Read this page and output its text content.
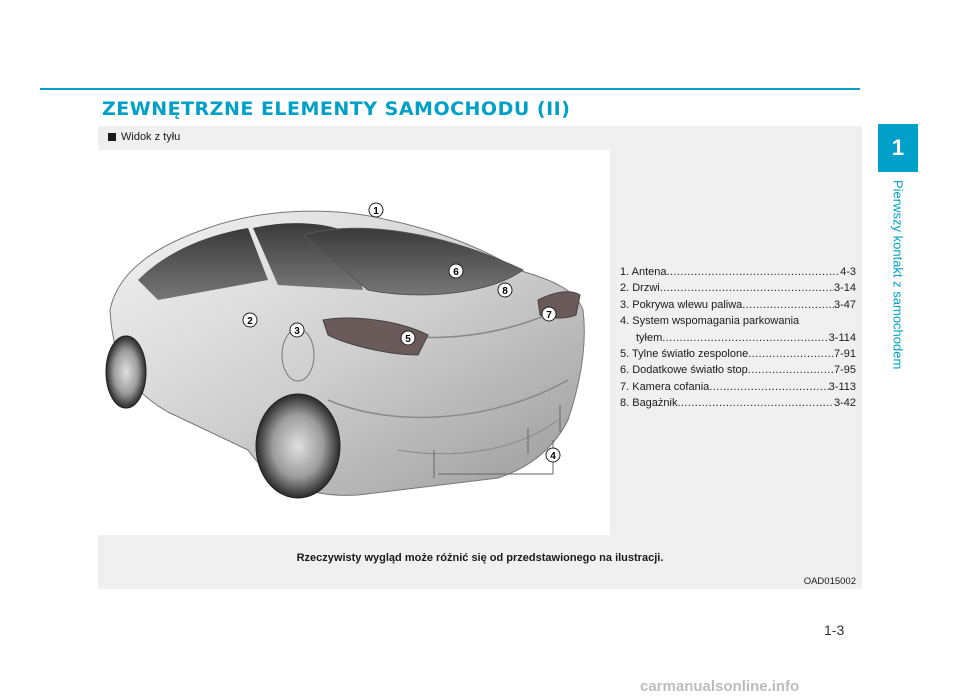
ZEWNĘTRZNE ELEMENTY SAMOCHODU (II)
1
Pierwszy kontakt z samochodem
Widok z tyłu
1
2
3
4
5
6
7
8
1. Antena .....	4-3
2. Drzwi .....	3-14
3. Pokrywa wlewu paliwa .....	3-47
4. System wspomagania parkowania
tyłem .....	3-114
5. Tylne światło zespolone .....	7-91
6. Dodatkowe światło stop .....	7-95
7. Kamera cofania .....	3-113
8. Bagażnik .....	3-42
Rzeczywisty wygląd może różnić się od przedstawionego na ilustracji.
OAD015002
1-3
carmanualsonline.info
